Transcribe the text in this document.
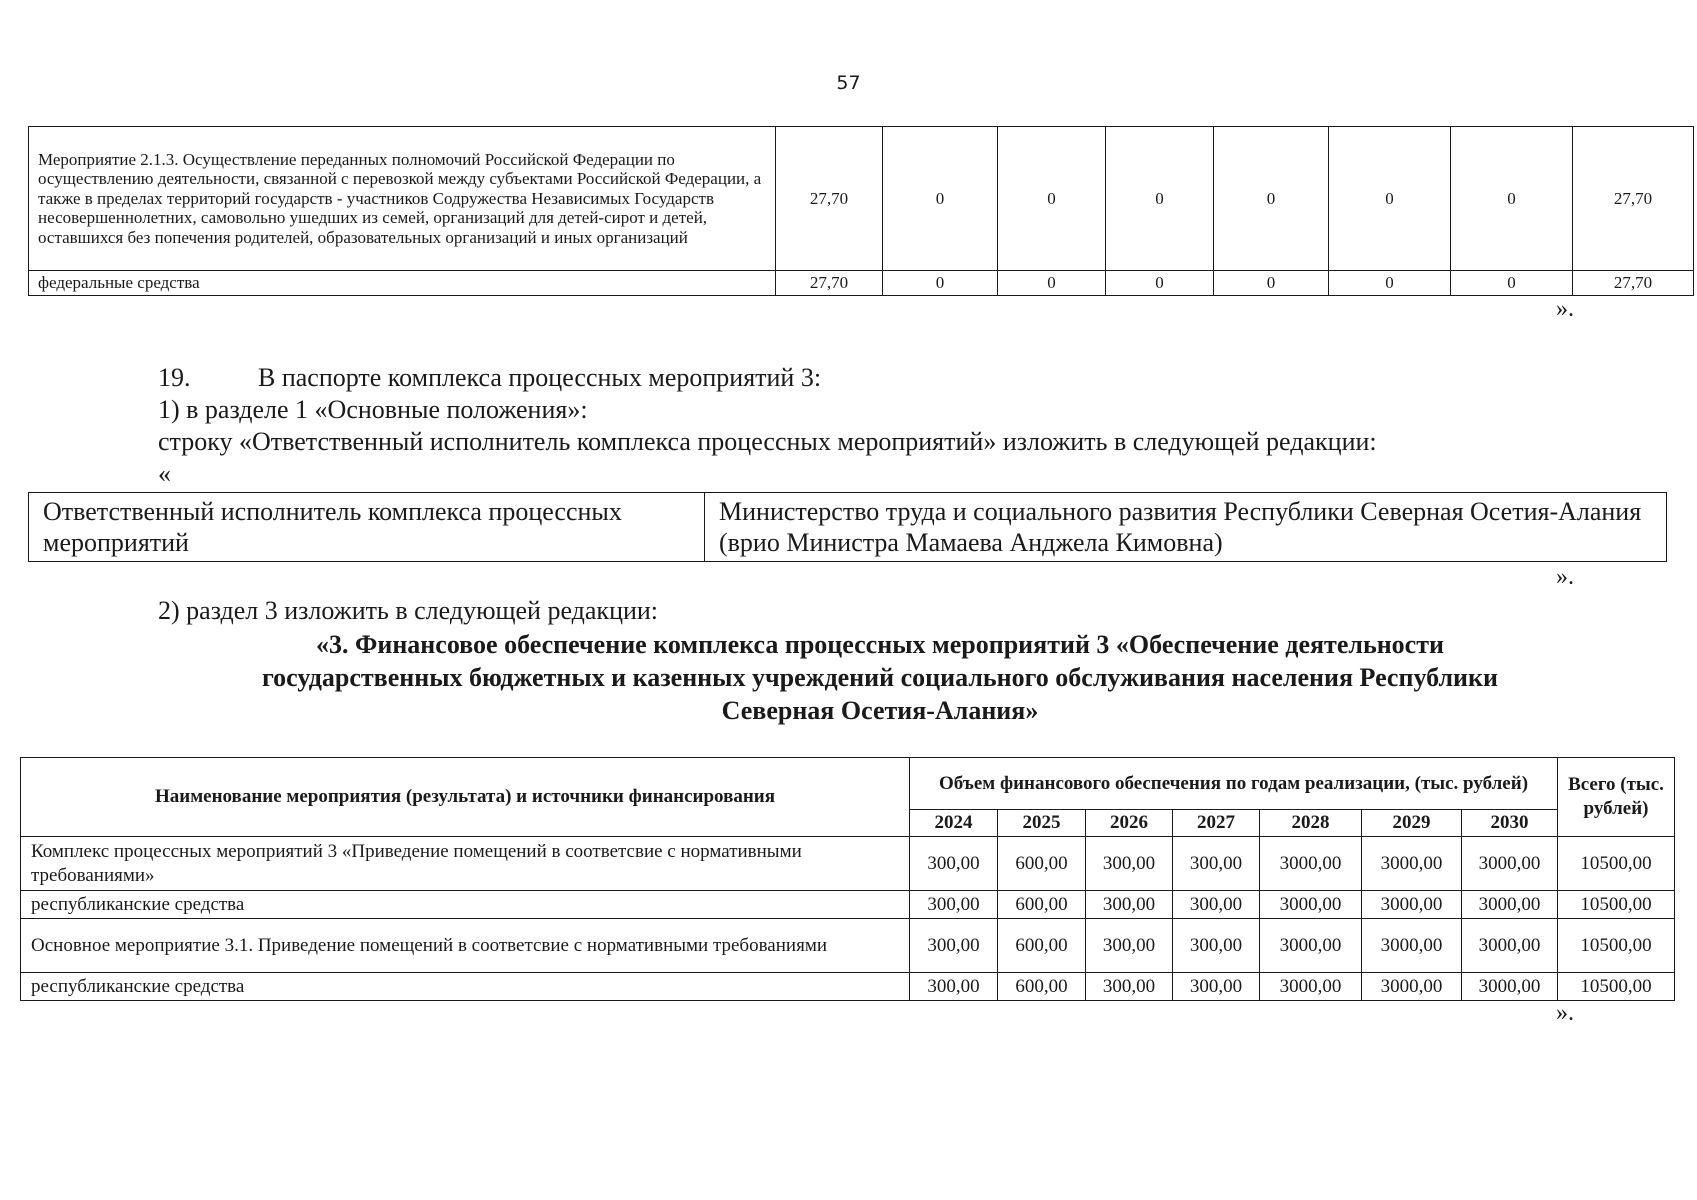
57
Мероприятие 2.1.3. Осуществление переданных полномочий Российской Федерации по осуществлению деятельности, связанной с перевозкой между субъектами Российской Федерации, а также в пределах территорий государств - участников Содружества Независимых Государств несовершеннолетних, самовольно ушедших из семей, организаций для детей-сирот и детей, оставшихся без попечения родителей, образовательных организаций и иных организаций	27,70	0	0	0	0	0	0	27,70
федеральные средства	27,70	0	0	0	0	0	0	27,70
».
19.	В паспорте комплекса процессных мероприятий 3:
1) в разделе 1 «Основные положения»:
строку «Ответственный исполнитель комплекса процессных мероприятий» изложить в следующей редакции:
«
Ответственный исполнитель комплекса процессных мероприятий	Министерство труда и социального развития Республики Северная Осетия-Алания (врио Министра Мамаева Анджела Кимовна)
».
2) раздел 3 изложить в следующей редакции:
«3. Финансовое обеспечение комплекса процессных мероприятий 3 «Обеспечение деятельности
государственных бюджетных и казенных учреждений социального обслуживания населения Республики
Северная Осетия-Алания»
Наименование мероприятия (результата) и источники финансирования	Объем финансового обеспечения по годам реализации, (тыс. рублей)							Всего (тыс. рублей)
	2024	2025	2026	2027	2028	2029	2030	
Комплекс процессных мероприятий 3 «Приведение помещений в соответсвие с нормативными требованиями»	300,00	600,00	300,00	300,00	3000,00	3000,00	3000,00	10500,00
республиканские средства	300,00	600,00	300,00	300,00	3000,00	3000,00	3000,00	10500,00
Основное мероприятие 3.1. Приведение помещений в соответсвие с нормативными требованиями	300,00	600,00	300,00	300,00	3000,00	3000,00	3000,00	10500,00
республиканские средства	300,00	600,00	300,00	300,00	3000,00	3000,00	3000,00	10500,00
».
